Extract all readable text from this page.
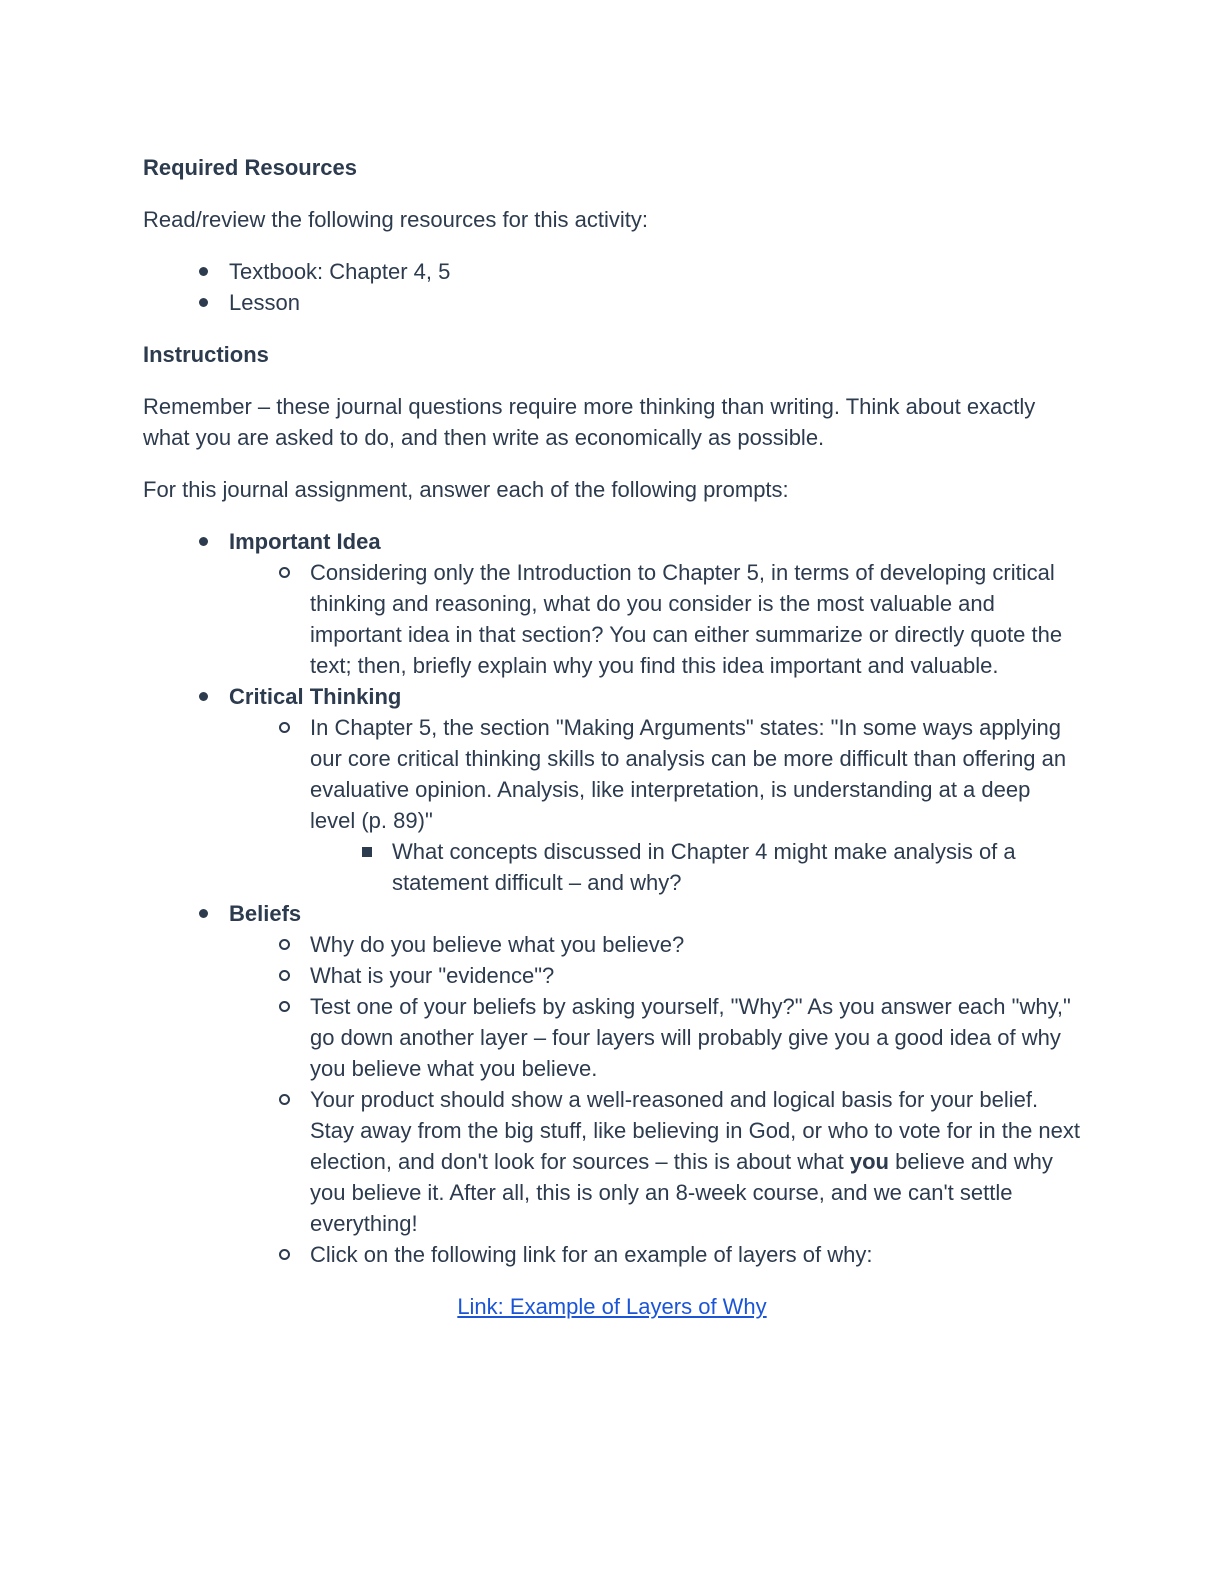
Required Resources

Read/review the following resources for this activity:

Textbook: Chapter 4, 5
Lesson
Instructions

Remember – these journal questions require more thinking than writing. Think about exactly what you are asked to do, and then write as economically as possible.

For this journal assignment, answer each of the following prompts:

Important Idea
Considering only the Introduction to Chapter 5, in terms of developing critical thinking and reasoning, what do you consider is the most valuable and important idea in that section? You can either summarize or directly quote the text; then, briefly explain why you find this idea important and valuable.
Critical Thinking
In Chapter 5, the section "Making Arguments" states: "In some ways applying our core critical thinking skills to analysis can be more difficult than offering an evaluative opinion. Analysis, like interpretation, is understanding at a deep level (p. 89)"
What concepts discussed in Chapter 4 might make analysis of a statement difficult – and why?
Beliefs
Why do you believe what you believe?
What is your "evidence"?
Test one of your beliefs by asking yourself, "Why?" As you answer each "why," go down another layer – four layers will probably give you a good idea of why you believe what you believe.
Your product should show a well-reasoned and logical basis for your belief. Stay away from the big stuff, like believing in God, or who to vote for in the next election, and don't look for sources – this is about what you believe and why you believe it. After all, this is only an 8-week course, and we can't settle everything!
Click on the following link for an example of layers of why:

Link: Example of Layers of Why
